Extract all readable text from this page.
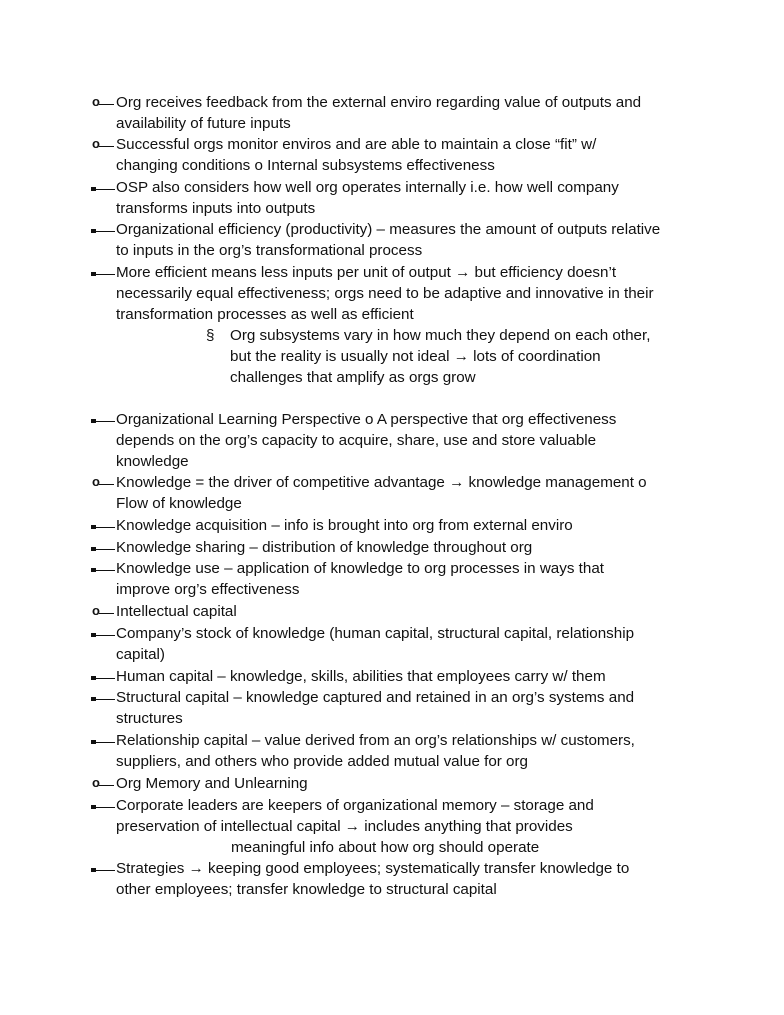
o
Org receives feedback from the external enviro regarding value of outputs and
availability of future inputs
o
Successful orgs monitor enviros and are able to maintain a close “fit” w/
changing conditions o Internal subsystems effectiveness
OSP also considers how well org operates internally i.e. how well company
transforms inputs into outputs
Organizational efficiency (productivity) – measures the amount of outputs relative
to inputs in the org’s transformational process
More efficient means less inputs per unit of output → but efficiency doesn’t
necessarily equal effectiveness; orgs need to be adaptive and innovative in their
transformation processes as well as efficient
§ Org subsystems vary in how much they depend on each other,
but the reality is usually not ideal → lots of coordination
challenges that amplify as orgs grow
Organizational Learning Perspective o A perspective that org effectiveness
depends on the org’s capacity to acquire, share, use and store valuable
knowledge
o
Knowledge = the driver of competitive advantage → knowledge management o
Flow of knowledge
Knowledge acquisition – info is brought into org from external enviro
Knowledge sharing – distribution of knowledge throughout org
Knowledge use – application of knowledge to org processes in ways that
improve org’s effectiveness
o
Intellectual capital
Company’s stock of knowledge (human capital, structural capital, relationship
capital)
Human capital – knowledge, skills, abilities that employees carry w/ them
Structural capital – knowledge captured and retained in an org’s systems and
structures
Relationship capital – value derived from an org’s relationships w/ customers,
suppliers, and others who provide added mutual value for org
o
Org Memory and Unlearning
Corporate leaders are keepers of organizational memory – storage and
preservation of intellectual capital → includes anything that provides
meaningful info about how org should operate
Strategies → keeping good employees; systematically transfer knowledge to
other employees; transfer knowledge to structural capital
